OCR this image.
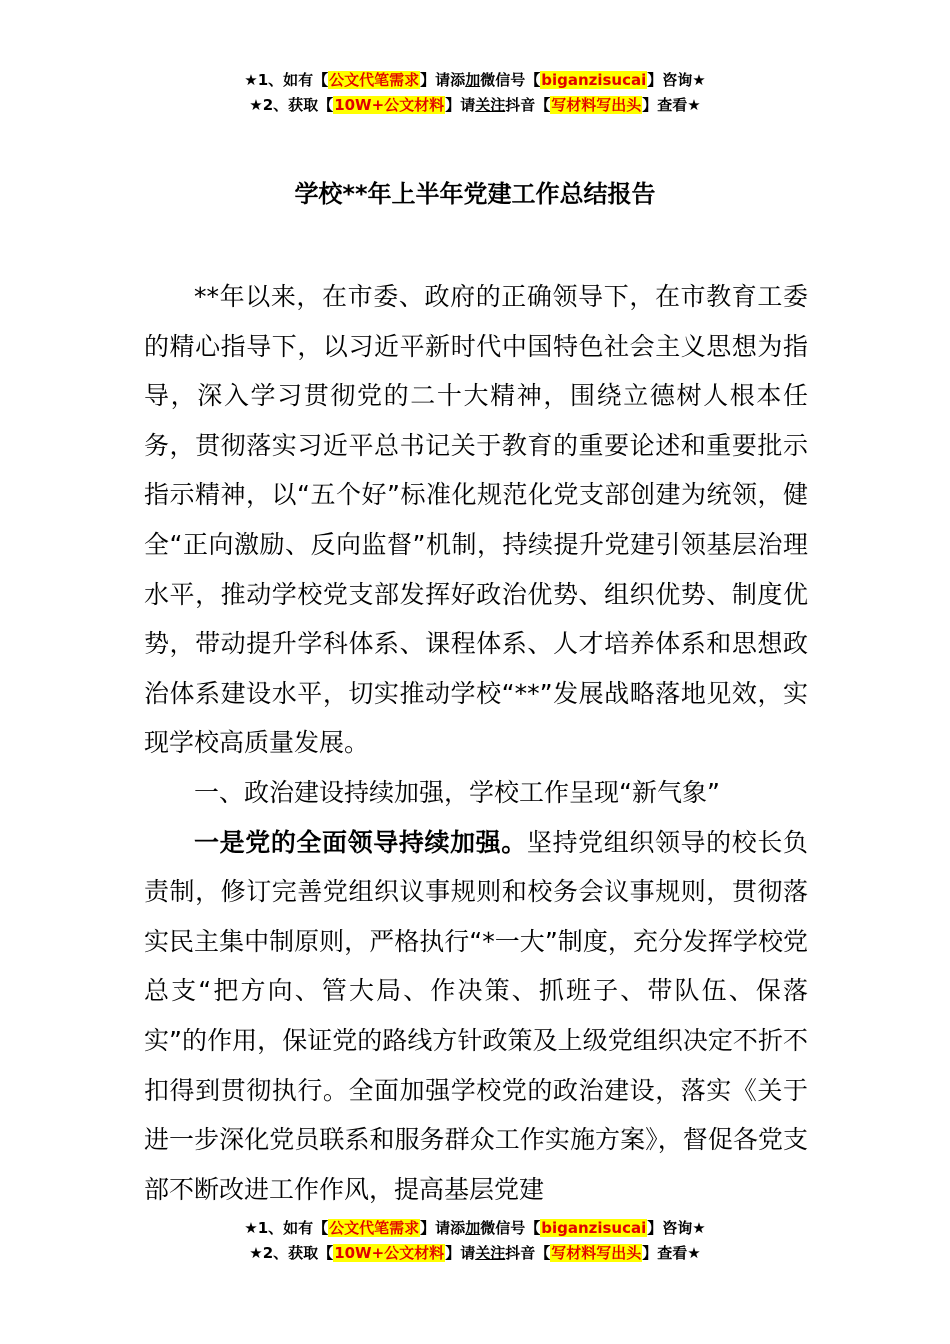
★1、如有【公文代笔需求】请添加微信号【biganzisucai】咨询★
★2、获取【10W+公文材料】请关注抖音【写材料写出头】查看★
学校**年上半年党建工作总结报告

**年以来，在市委、政府的正确领导下，在市教育工委的精心指导下，以习近平新时代中国特色社会主义思想为指导，深入学习贯彻党的二十大精神，围绕立德树人根本任务，贯彻落实习近平总书记关于教育的重要论述和重要批示指示精神，以“五个好”标准化规范化党支部创建为统领，健全“正向激励、反向监督”机制，持续提升党建引领基层治理水平，推动学校党支部发挥好政治优势、组织优势、制度优势，带动提升学科体系、课程体系、人才培养体系和思想政治体系建设水平，切实推动学校“**”发展战略落地见效，实现学校高质量发展。

一、政治建设持续加强，学校工作呈现“新气象”

一是党的全面领导持续加强。坚持党组织领导的校长负责制，修订完善党组织议事规则和校务会议事规则，贯彻落实民主集中制原则，严格执行“*一大”制度，充分发挥学校党总支“把方向、管大局、作决策、抓班子、带队伍、保落实”的作用，保证党的路线方针政策及上级党组织决定不折不扣得到贯彻执行。全面加强学校党的政治建设，落实《关于进一步深化党员联系和服务群众工作实施方案》，督促各党支部不断改进工作作风，提高基层党建

★1、如有【公文代笔需求】请添加微信号【biganzisucai】咨询★
★2、获取【10W+公文材料】请关注抖音【写材料写出头】查看★
